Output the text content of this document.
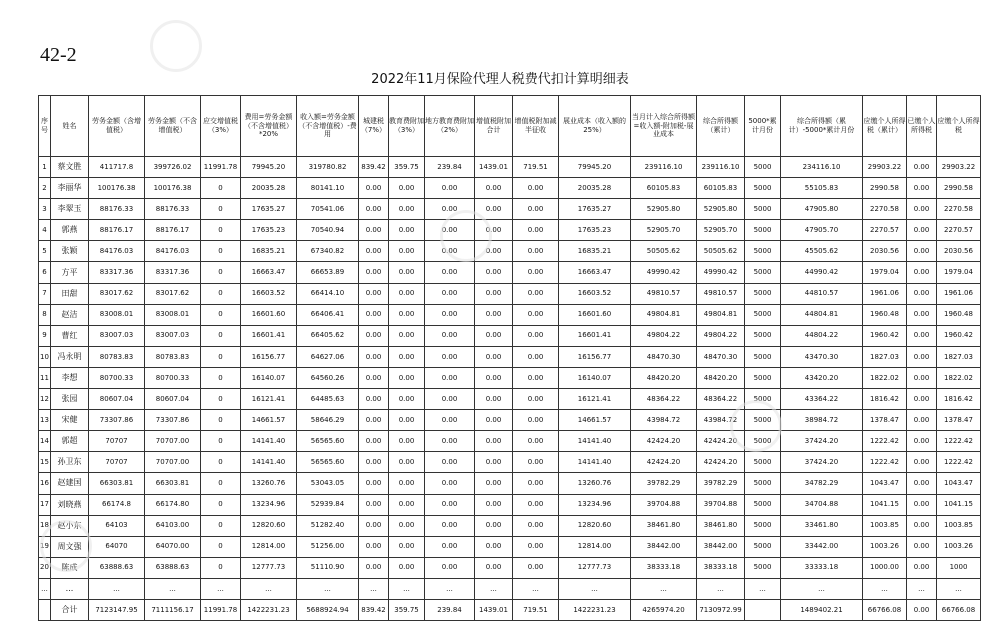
42-2
2022年11月保险代理人税费代扣计算明细表
序号	姓名	劳务金额（含增值税）	劳务金额（不含增值税）	应交增值税（3%）	费用=劳务金额（不含增值税）*20%	收入额=劳务金额（不含增值税）-费用	城建税（7%）	教育费附加（3%）	地方教育费附加（2%）	增值税附加合计	增值税附加减半征收	展业成本（收入额的25%）	当月计入综合所得额=收入额-附加税-展业成本	综合所得额（累计）	5000*累计月份	综合所得额（累计）-5000*累计月份	应缴个人所得税（累计）	已缴个人所得税	应缴个人所得税
1	蔡文胜	411717.8	399726.02	11991.78	79945.20	319780.82	839.42	359.75	239.84	1439.01	719.51	79945.20	239116.10	239116.10	5000	234116.10	29903.22	0.00	29903.22
2	李丽华	100176.38	100176.38	0	20035.28	80141.10	0.00	0.00	0.00	0.00	0.00	20035.28	60105.83	60105.83	5000	55105.83	2990.58	0.00	2990.58
3	李翠玉	88176.33	88176.33	0	17635.27	70541.06	0.00	0.00	0.00	0.00	0.00	17635.27	52905.80	52905.80	5000	47905.80	2270.58	0.00	2270.58
4	郭燕	88176.17	88176.17	0	17635.23	70540.94	0.00	0.00	0.00	0.00	0.00	17635.23	52905.70	52905.70	5000	47905.70	2270.57	0.00	2270.57
5	张颖	84176.03	84176.03	0	16835.21	67340.82	0.00	0.00	0.00	0.00	0.00	16835.21	50505.62	50505.62	5000	45505.62	2030.56	0.00	2030.56
6	方平	83317.36	83317.36	0	16663.47	66653.89	0.00	0.00	0.00	0.00	0.00	16663.47	49990.42	49990.42	5000	44990.42	1979.04	0.00	1979.04
7	田甜	83017.62	83017.62	0	16603.52	66414.10	0.00	0.00	0.00	0.00	0.00	16603.52	49810.57	49810.57	5000	44810.57	1961.06	0.00	1961.06
8	赵洁	83008.01	83008.01	0	16601.60	66406.41	0.00	0.00	0.00	0.00	0.00	16601.60	49804.81	49804.81	5000	44804.81	1960.48	0.00	1960.48
9	曹红	83007.03	83007.03	0	16601.41	66405.62	0.00	0.00	0.00	0.00	0.00	16601.41	49804.22	49804.22	5000	44804.22	1960.42	0.00	1960.42
10	冯永明	80783.83	80783.83	0	16156.77	64627.06	0.00	0.00	0.00	0.00	0.00	16156.77	48470.30	48470.30	5000	43470.30	1827.03	0.00	1827.03
11	李想	80700.33	80700.33	0	16140.07	64560.26	0.00	0.00	0.00	0.00	0.00	16140.07	48420.20	48420.20	5000	43420.20	1822.02	0.00	1822.02
12	张园	80607.04	80607.04	0	16121.41	64485.63	0.00	0.00	0.00	0.00	0.00	16121.41	48364.22	48364.22	5000	43364.22	1816.42	0.00	1816.42
13	宋健	73307.86	73307.86	0	14661.57	58646.29	0.00	0.00	0.00	0.00	0.00	14661.57	43984.72	43984.72	5000	38984.72	1378.47	0.00	1378.47
14	郭超	70707	70707.00	0	14141.40	56565.60	0.00	0.00	0.00	0.00	0.00	14141.40	42424.20	42424.20	5000	37424.20	1222.42	0.00	1222.42
15	孙卫东	70707	70707.00	0	14141.40	56565.60	0.00	0.00	0.00	0.00	0.00	14141.40	42424.20	42424.20	5000	37424.20	1222.42	0.00	1222.42
16	赵建国	66303.81	66303.81	0	13260.76	53043.05	0.00	0.00	0.00	0.00	0.00	13260.76	39782.29	39782.29	5000	34782.29	1043.47	0.00	1043.47
17	刘晓燕	66174.8	66174.80	0	13234.96	52939.84	0.00	0.00	0.00	0.00	0.00	13234.96	39704.88	39704.88	5000	34704.88	1041.15	0.00	1041.15
18	赵小东	64103	64103.00	0	12820.60	51282.40	0.00	0.00	0.00	0.00	0.00	12820.60	38461.80	38461.80	5000	33461.80	1003.85	0.00	1003.85
19	周文强	64070	64070.00	0	12814.00	51256.00	0.00	0.00	0.00	0.00	0.00	12814.00	38442.00	38442.00	5000	33442.00	1003.26	0.00	1003.26
20	陈成	63888.63	63888.63	0	12777.73	51110.90	0.00	0.00	0.00	0.00	0.00	12777.73	38333.18	38333.18	5000	33333.18	1000.00	0.00	1000
...	...	...	...	...	...	...	...	...	...	...	...	...	...	...	...	...	...	...	...
	合计	7123147.95	7111156.17	11991.78	1422231.23	5688924.94	839.42	359.75	239.84	1439.01	719.51	1422231.23	4265974.20	7130972.99		1489402.21	66766.08	0.00	66766.08
